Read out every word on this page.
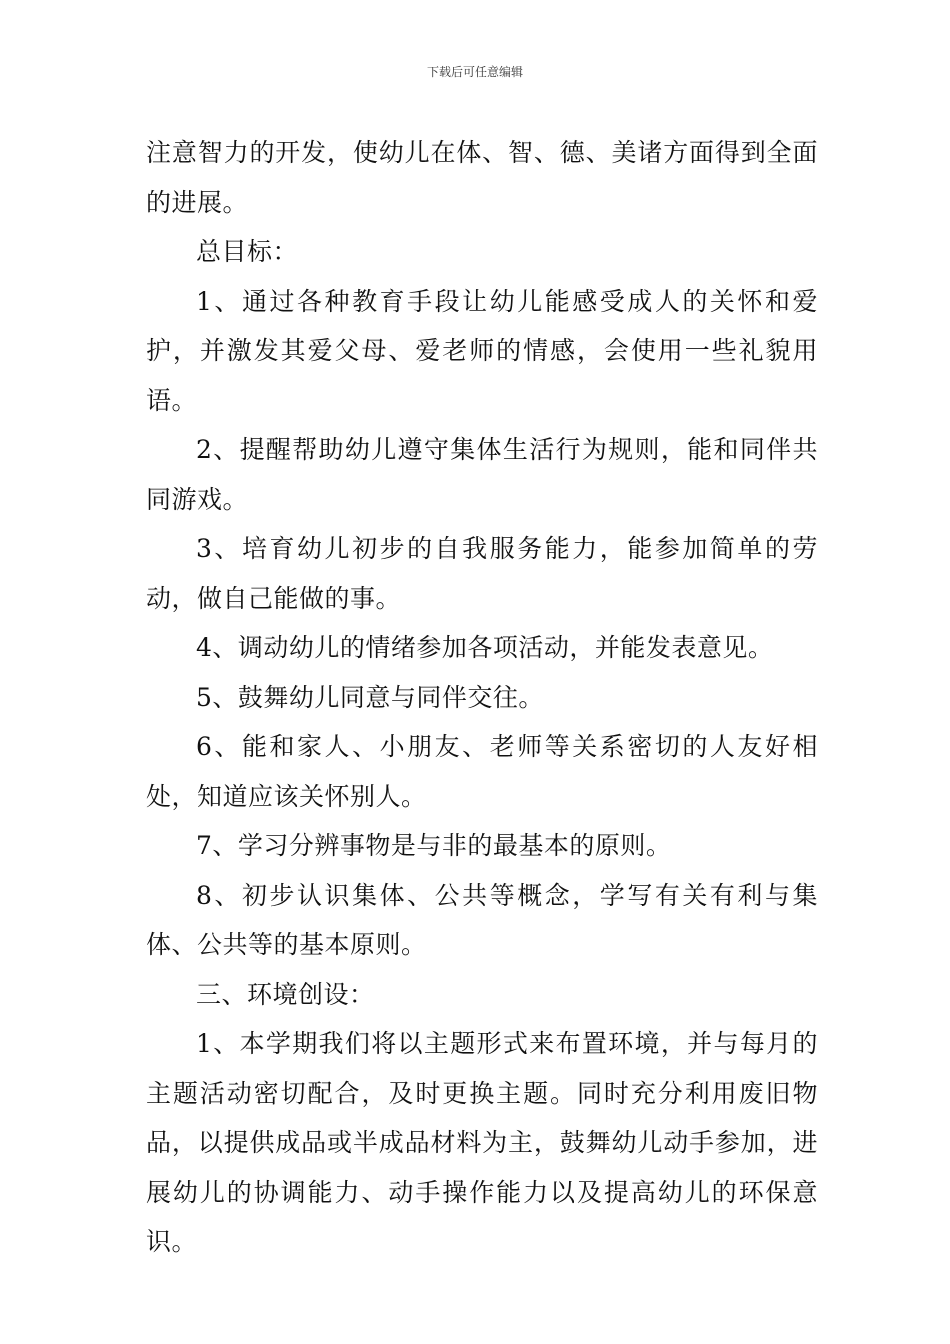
下载后可任意编辑

注意智力的开发，使幼儿在体、智、德、美诸方面得到全面的进展。

总目标：

1、通过各种教育手段让幼儿能感受成人的关怀和爱护，并激发其爱父母、爱老师的情感，会使用一些礼貌用语。

2、提醒帮助幼儿遵守集体生活行为规则，能和同伴共同游戏。

3、培育幼儿初步的自我服务能力，能参加简单的劳动，做自己能做的事。

4、调动幼儿的情绪参加各项活动，并能发表意见。

5、鼓舞幼儿同意与同伴交往。

6、能和家人、小朋友、老师等关系密切的人友好相处，知道应该关怀别人。

7、学习分辨事物是与非的最基本的原则。

8、初步认识集体、公共等概念，学写有关有利与集体、公共等的基本原则。

三、环境创设：

1、本学期我们将以主题形式来布置环境，并与每月的主题活动密切配合，及时更换主题。同时充分利用废旧物品，以提供成品或半成品材料为主，鼓舞幼儿动手参加，进展幼儿的协调能力、动手操作能力以及提高幼儿的环保意识。
